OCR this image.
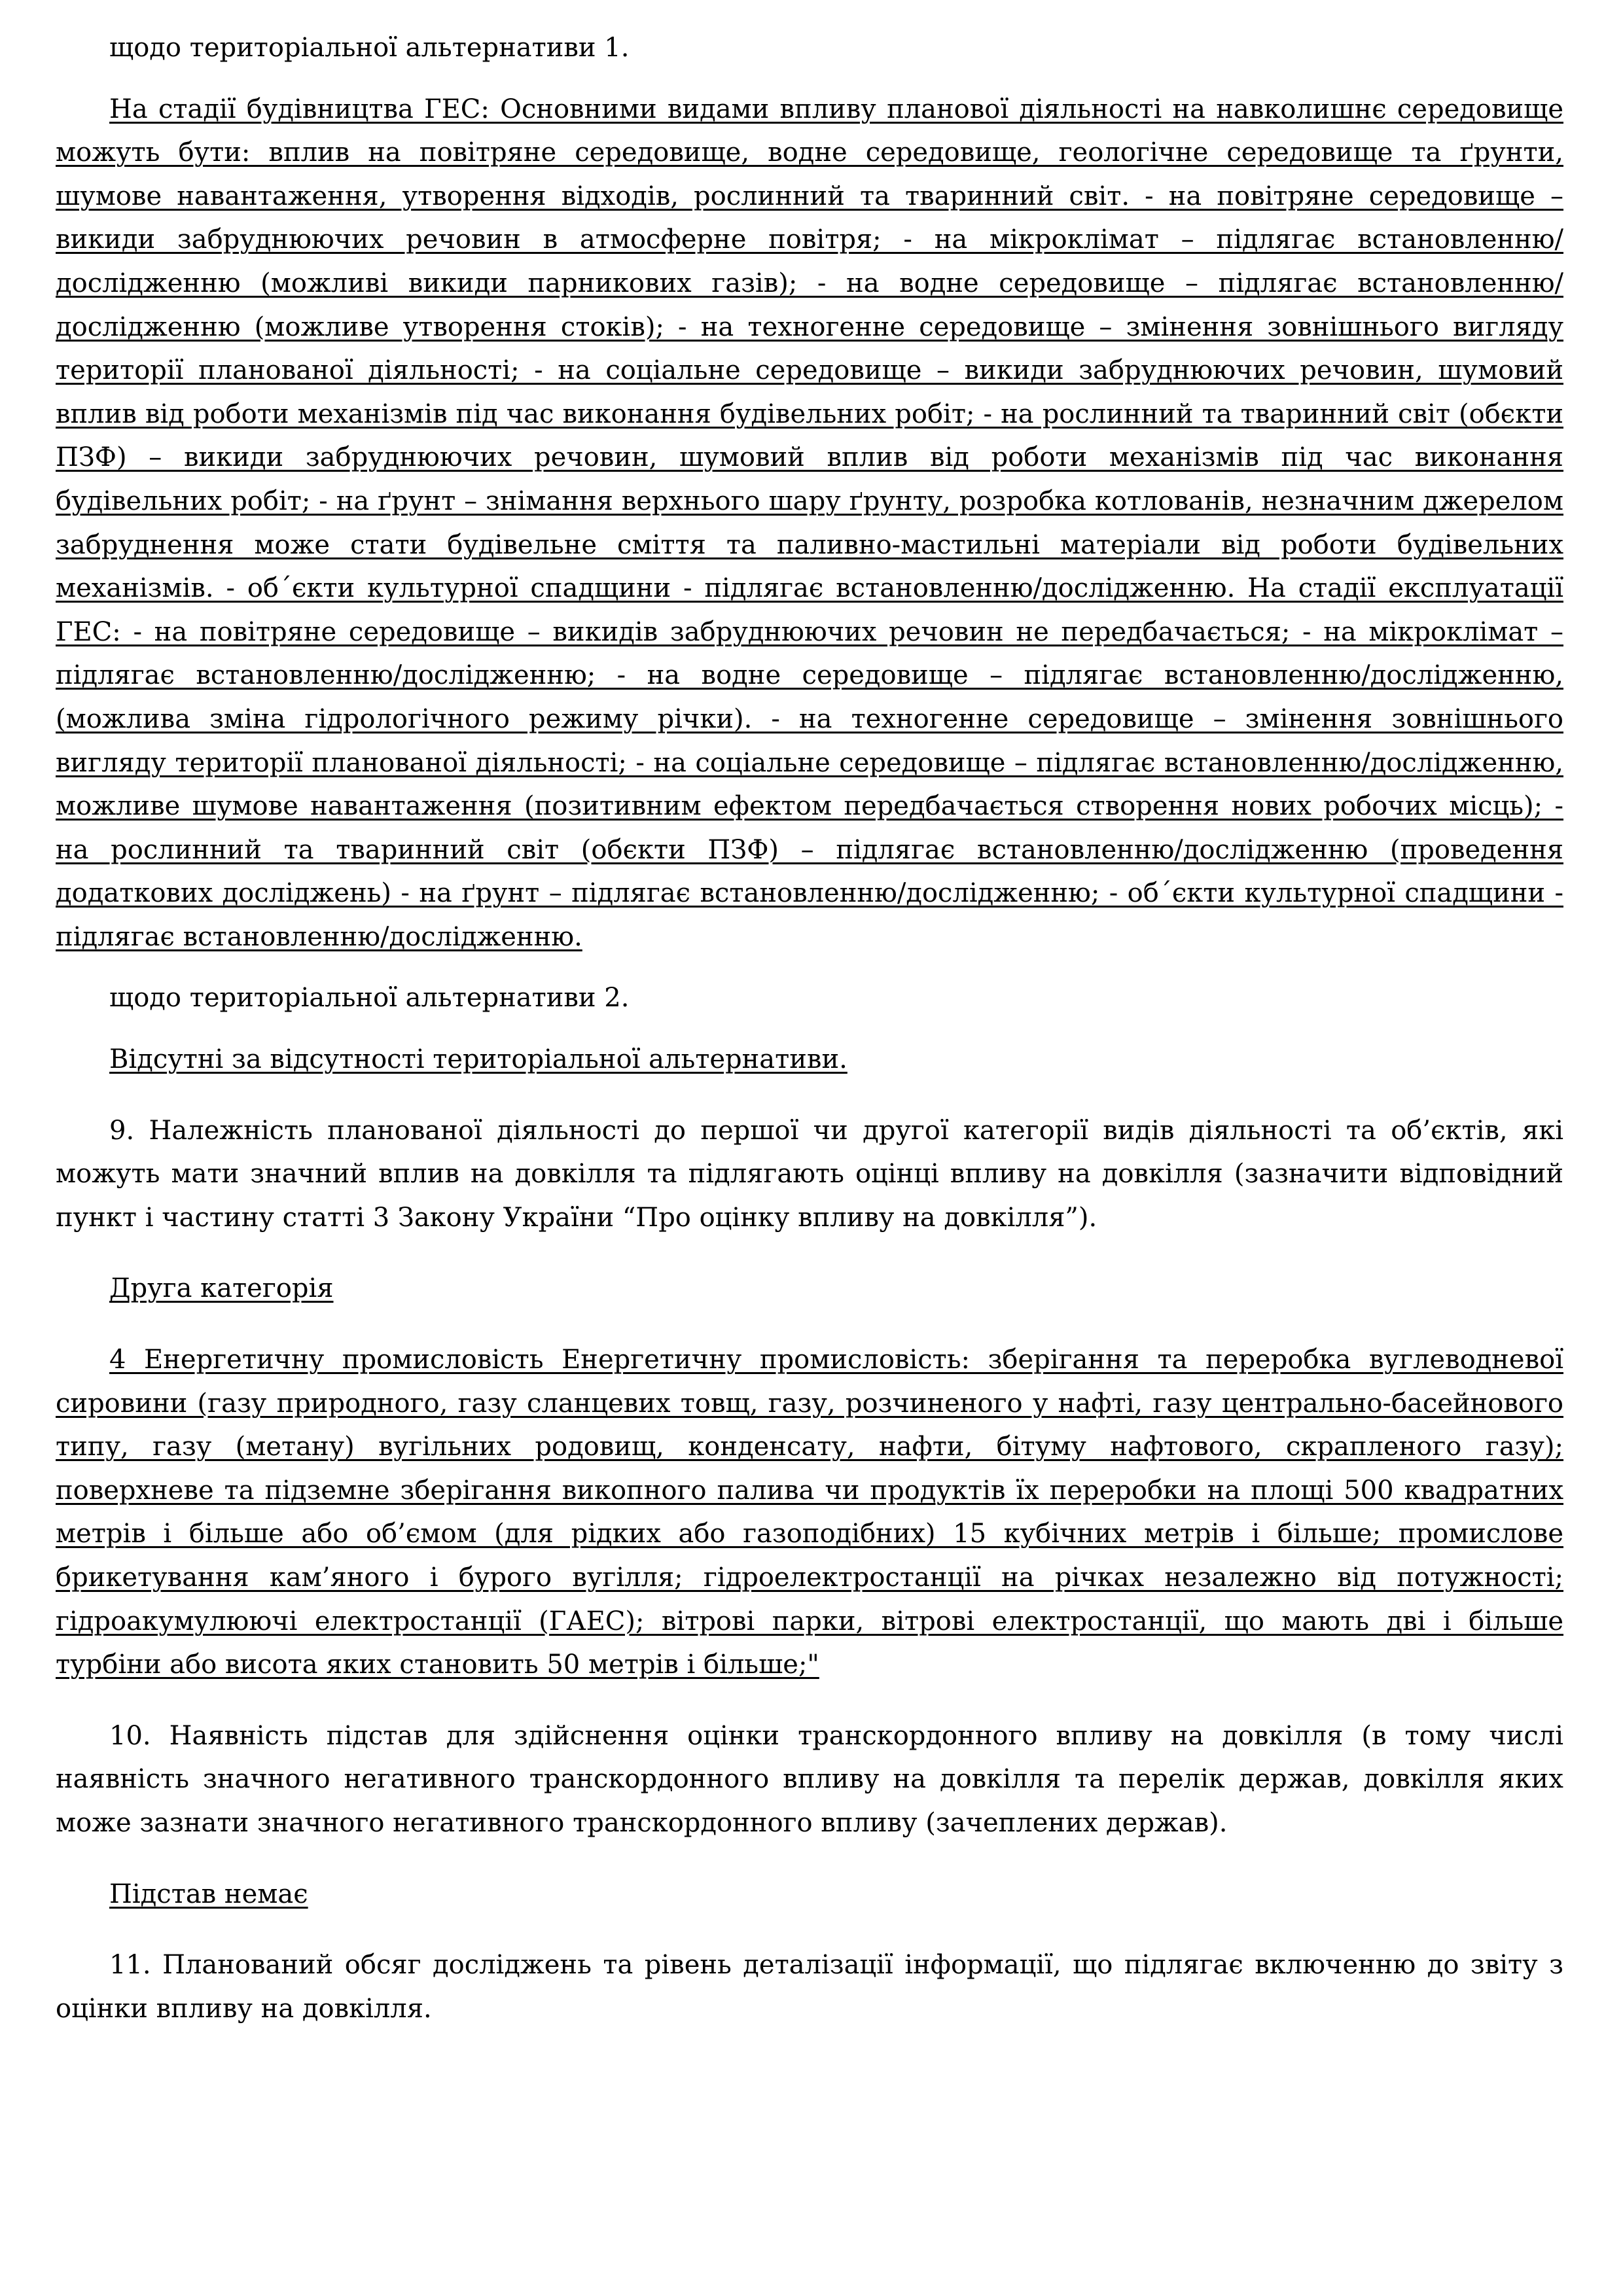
щодо територіальної альтернативи 1.

На стадії будівництва ГЕС: Основними видами впливу планової діяльності на навколишнє середовище можуть бути: вплив на повітряне середовище, водне середовище, геологічне середовище та ґрунти, шумове навантаження, утворення відходів, рослинний та тваринний світ. - на повітряне середовище – викиди забруднюючих речовин в атмосферне повітря; - на мікроклімат – підлягає встановленню/дослідженню (можливі викиди парникових газів); - на водне середовище – підлягає встановленню/дослідженню (можливе утворення стоків); - на техногенне середовище – змінення зовнішнього вигляду території планованої діяльності; - на соціальне середовище – викиди забруднюючих речовин, шумовий вплив від роботи механізмів під час виконання будівельних робіт; - на рослинний та тваринний світ (обєкти ПЗФ) – викиди забруднюючих речовин, шумовий вплив від роботи механізмів під час виконання будівельних робіт; - на ґрунт – знімання верхнього шару ґрунту, розробка котлованів, незначним джерелом забруднення може стати будівельне сміття та паливно-мастильні матеріали від роботи будівельних механізмів. - об´єкти культурної спадщини - підлягає встановленню/дослідженню. На стадії експлуатації ГЕС: - на повітряне середовище – викидів забруднюючих речовин не передбачається; - на мікроклімат – підлягає встановленню/дослідженню; - на водне середовище – підлягає встановленню/дослідженню, (можлива зміна гідрологічного режиму річки). - на техногенне середовище – змінення зовнішнього вигляду території планованої діяльності; - на соціальне середовище – підлягає встановленню/дослідженню, можливе шумове навантаження (позитивним ефектом передбачається створення нових робочих місць); - на рослинний та тваринний світ (обєкти ПЗФ) – підлягає встановленню/дослідженню (проведення додаткових досліджень) - на ґрунт – підлягає встановленню/дослідженню; - об´єкти культурної спадщини - підлягає встановленню/дослідженню.

щодо територіальної альтернативи 2.

Відсутні за відсутності територіальної альтернативи.

9. Належність планованої діяльності до першої чи другої категорії видів діяльності та об’єктів, які можуть мати значний вплив на довкілля та підлягають оцінці впливу на довкілля (зазначити відповідний пункт і частину статті 3 Закону України “Про оцінку впливу на довкілля”).

Друга категорія

4 Енергетичну промисловість Енергетичну промисловість: зберігання та переробка вуглеводневої сировини (газу природного, газу сланцевих товщ, газу, розчиненого у нафті, газу центрально-басейнового типу, газу (метану) вугільних родовищ, конденсату, нафти, бітуму нафтового, скрапленого газу); поверхневе та підземне зберігання викопного палива чи продуктів їх переробки на площі 500 квадратних метрів і більше або об’ємом (для рідких або газоподібних) 15 кубічних метрів і більше; промислове брикетування кам’яного і бурого вугілля; гідроелектростанції на річках незалежно від потужності; гідроакумулюючі електростанції (ГАЕС); вітрові парки, вітрові електростанції, що мають дві і більше турбіни або висота яких становить 50 метрів і більше;"

10. Наявність підстав для здійснення оцінки транскордонного впливу на довкілля (в тому числі наявність значного негативного транскордонного впливу на довкілля та перелік держав, довкілля яких може зазнати значного негативного транскордонного впливу (зачеплених держав).

Підстав немає

11. Планований обсяг досліджень та рівень деталізації інформації, що підлягає включенню до звіту з оцінки впливу на довкілля.
